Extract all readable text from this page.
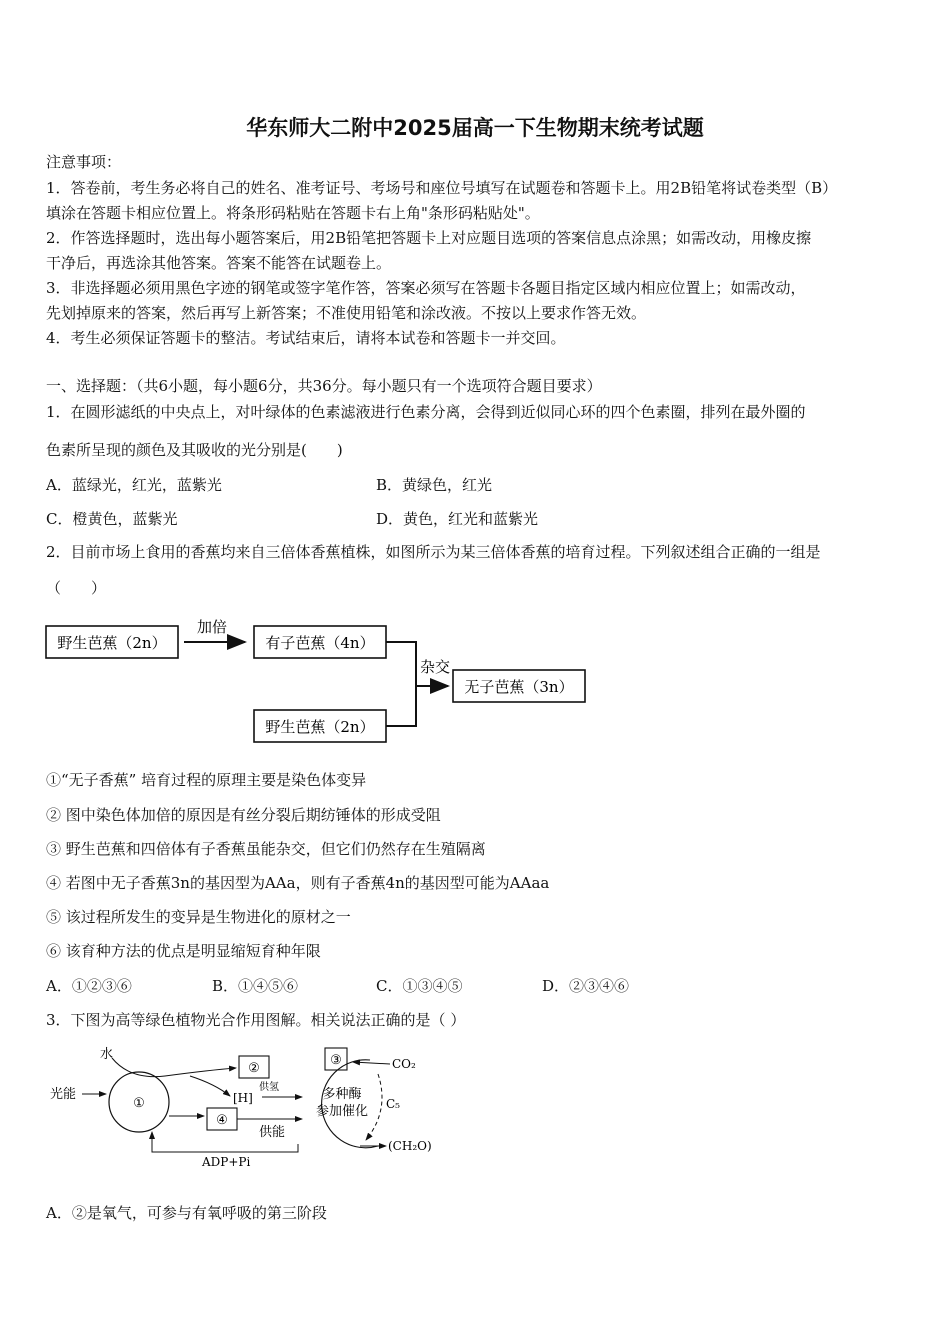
华东师大二附中2025届高一下生物期末统考试题
注意事项：
1．答卷前，考生务必将自己的姓名、准考证号、考场号和座位号填写在试题卷和答题卡上。用2B铅笔将试卷类型（B）
填涂在答题卡相应位置上。将条形码粘贴在答题卡右上角"条形码粘贴处"。
2．作答选择题时，选出每小题答案后，用2B铅笔把答题卡上对应题目选项的答案信息点涂黑；如需改动，用橡皮擦
干净后，再选涂其他答案。答案不能答在试题卷上。
3．非选择题必须用黑色字迹的钢笔或签字笔作答，答案必须写在答题卡各题目指定区域内相应位置上；如需改动，
先划掉原来的答案，然后再写上新答案；不准使用铅笔和涂改液。不按以上要求作答无效。
4．考生必须保证答题卡的整洁。考试结束后，请将本试卷和答题卡一并交回。
一、选择题：（共6小题，每小题6分，共36分。每小题只有一个选项符合题目要求）
1．在圆形滤纸的中央点上，对叶绿体的色素滤液进行色素分离，会得到近似同心环的四个色素圈，排列在最外圈的
色素所呈现的颜色及其吸收的光分别是(　　)
A．蓝绿光，红光，蓝紫光	B．黄绿色，红光
C．橙黄色，蓝紫光	D．黄色，红光和蓝紫光
2．目前市场上食用的香蕉均来自三倍体香蕉植株，如图所示为某三倍体香蕉的培育过程。下列叙述组合正确的一组是
（　　）
野生芭蕉（2n）
加倍
有子芭蕉（4n）
野生芭蕉（2n）
杂交
无子芭蕉（3n）
①“无子香蕉” 培育过程的原理主要是染色体变异
② 图中染色体加倍的原因是有丝分裂后期纺锤体的形成受阻
③ 野生芭蕉和四倍体有子香蕉虽能杂交，但它们仍然存在生殖隔离
④ 若图中无子香蕉3n的基因型为AAa，则有子香蕉4n的基因型可能为AAaa
⑤ 该过程所发生的变异是生物进化的原材之一
⑥ 该育种方法的优点是明显缩短育种年限
A．①②③⑥	B．①④⑤⑥	C．①③④⑤	D．②③④⑥
3．下图为高等绿色植物光合作用图解。相关说法正确的是（ ）
水
光能
①
②
[H]
供氢
④
供能
ADP+Pi
③	CO₂
C₅
多种酶
参加催化
(CH₂O)
A．②是氧气，可参与有氧呼吸的第三阶段
